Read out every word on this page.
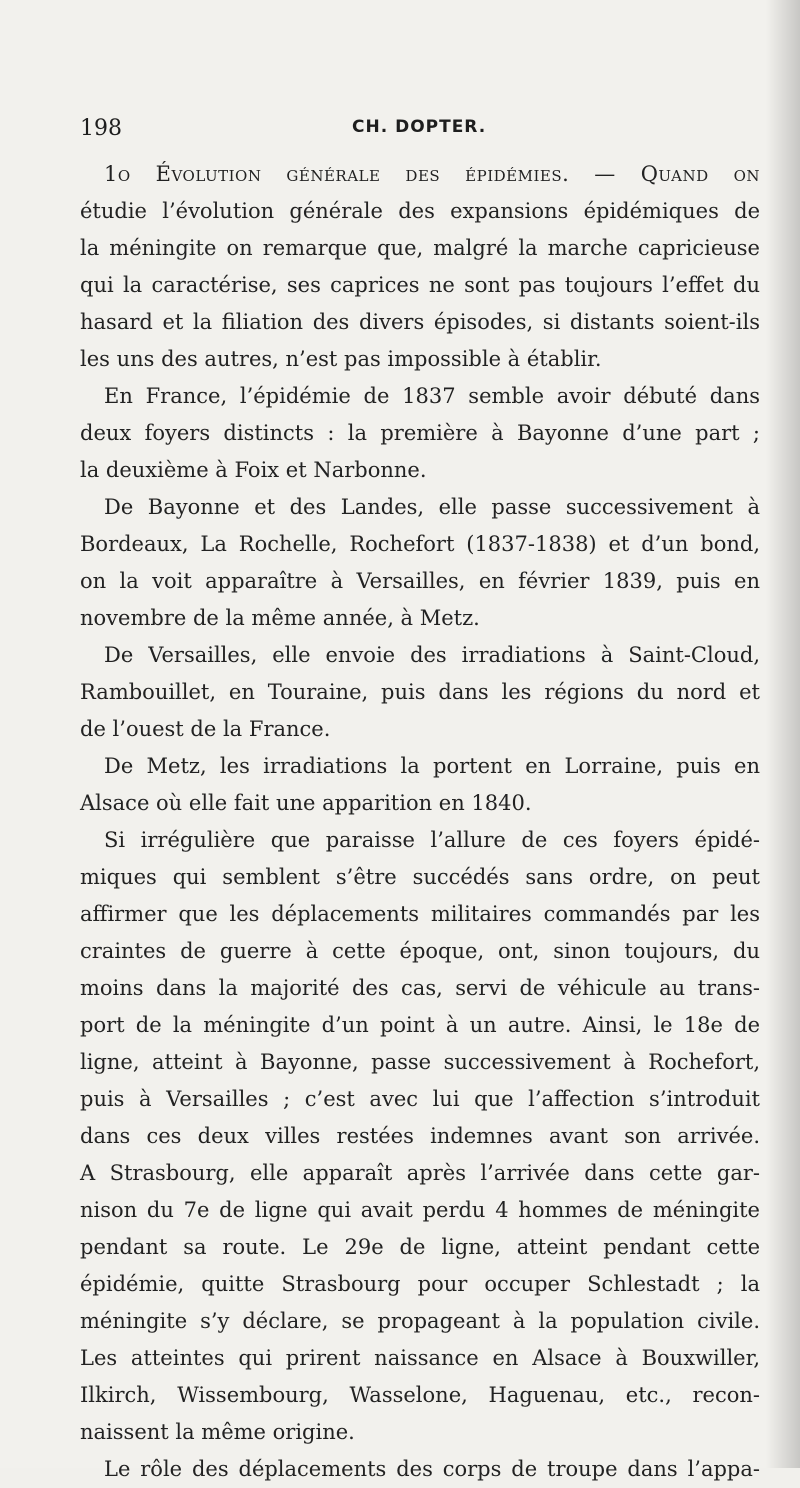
198	CH. DOPTER.
1o Évolution générale des épidémies. — Quand on
étudie l’évolution générale des expansions épidémiques de
la méningite on remarque que, malgré la marche capricieuse
qui la caractérise, ses caprices ne sont pas toujours l’effet du
hasard et la filiation des divers épisodes, si distants soient-ils
les uns des autres, n’est pas impossible à établir.
En France, l’épidémie de 1837 semble avoir débuté dans
deux foyers distincts : la première à Bayonne d’une part ;
la deuxième à Foix et Narbonne.
De Bayonne et des Landes, elle passe successivement à
Bordeaux, La Rochelle, Rochefort (1837-1838) et d’un bond,
on la voit apparaître à Versailles, en février 1839, puis en
novembre de la même année, à Metz.
De Versailles, elle envoie des irradiations à Saint-Cloud,
Rambouillet, en Touraine, puis dans les régions du nord et
de l’ouest de la France.
De Metz, les irradiations la portent en Lorraine, puis en
Alsace où elle fait une apparition en 1840.
Si irrégulière que paraisse l’allure de ces foyers épidé-
miques qui semblent s’être succédés sans ordre, on peut
affirmer que les déplacements militaires commandés par les
craintes de guerre à cette époque, ont, sinon toujours, du
moins dans la majorité des cas, servi de véhicule au trans-
port de la méningite d’un point à un autre. Ainsi, le 18e de
ligne, atteint à Bayonne, passe successivement à Rochefort,
puis à Versailles ; c’est avec lui que l’affection s’introduit
dans ces deux villes restées indemnes avant son arrivée.
A Strasbourg, elle apparaît après l’arrivée dans cette gar-
nison du 7e de ligne qui avait perdu 4 hommes de méningite
pendant sa route. Le 29e de ligne, atteint pendant cette
épidémie, quitte Strasbourg pour occuper Schlestadt ; la
méningite s’y déclare, se propageant à la population civile.
Les atteintes qui prirent naissance en Alsace à Bouxwiller,
Ilkirch, Wissembourg, Wasselone, Haguenau, etc., recon-
naissent la même origine.
Le rôle des déplacements des corps de troupe dans l’appa-
